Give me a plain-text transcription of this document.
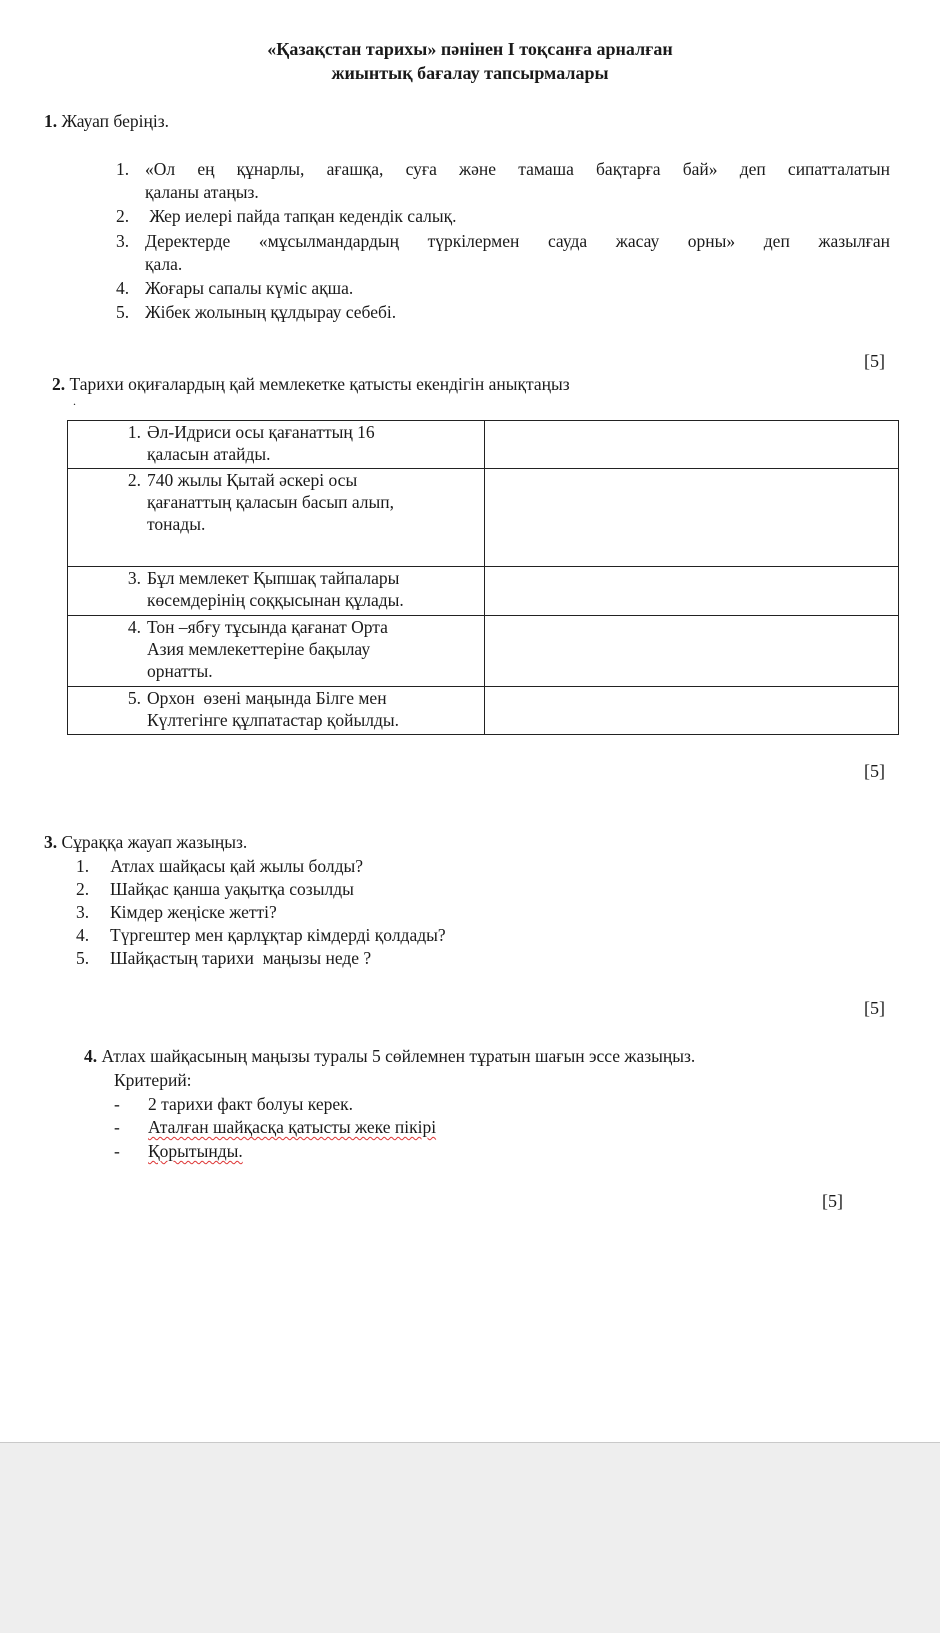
«Қазақстан тарихы» пәнінен І тоқсанға арналған
жиынтық бағалау тапсырмалары
1. Жауап беріңіз.
1. «Ол ең құнарлы, ағашқа, суға және тамаша бақтарға бай» деп сипатталатын
қаланы атаңыз.
2. Жер иелері пайда тапқан кедендік салық.
3. Деректерде «мұсылмандардың түркілермен сауда жасау орны» деп жазылған
қала.
4. Жоғары сапалы күміс ақша.
5. Жібек жолының құлдырау себебі.
[5]
2. Тарихи оқиғалардың қай мемлекетке қатысты екендігін анықтаңыз
.
1. Әл-Идриси осы қағанаттың 16
қаласын атайды.	

2. 740 жылы Қытай әскері осы
қағанаттың қаласын басып алып,
тонады.	

3. Бұл мемлекет Қыпшақ тайпалары
көсемдерінің соққысынан құлады.	

4. Тон –ябғу тұсында қағанат Орта
Азия мемлекеттеріне бақылау
орнатты.	

5. Орхон  өзені маңында Білге мен
Күлтегінге құлпатастар қойылды.	

[5]
3. Сұраққа жауап жазыңыз.
1. Атлах шайқасы қай жылы болды?
2. Шайқас қанша уақытқа созылды
3. Кімдер жеңіске жетті?
4. Түргештер мен қарлұқтар кімдерді қолдады?
5. Шайқастың тарихи  маңызы неде ?
[5]
4. Атлах шайқасының маңызы туралы 5 сөйлемнен тұратын шағын эссе жазыңыз.
Критерий:
- 2 тарихи факт болуы керек.
- Аталған шайқасқа қатысты жеке пікірі
- Қорытынды.
[5]
